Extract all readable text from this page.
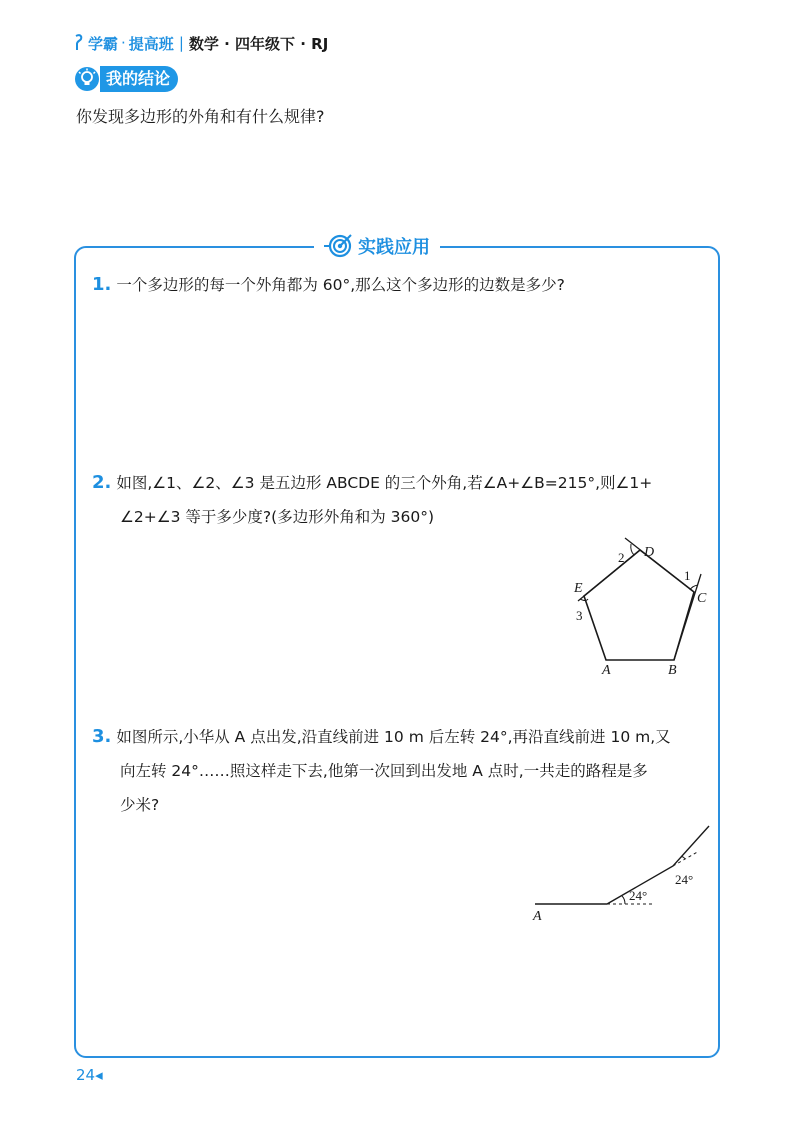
学霸 · 提高班 | 数学 · 四年级下 · RJ
我的结论
你发现多边形的外角和有什么规律?
实践应用
1. 一个多边形的每一个外角都为 60°,那么这个多边形的边数是多少?
2. 如图,∠1、∠2、∠3 是五边形 ABCDE 的三个外角,若∠A+∠B=215°,则∠1+
∠2+∠3 等于多少度?(多边形外角和为 360°)
A	B
C
D
E
1
2
3
3. 如图所示,小华从 A 点出发,沿直线前进 10 m 后左转 24°,再沿直线前进 10 m,又
向左转 24°……照这样走下去,他第一次回到出发地 A 点时,一共走的路程是多
少米?
A
24°
24°
24◂
